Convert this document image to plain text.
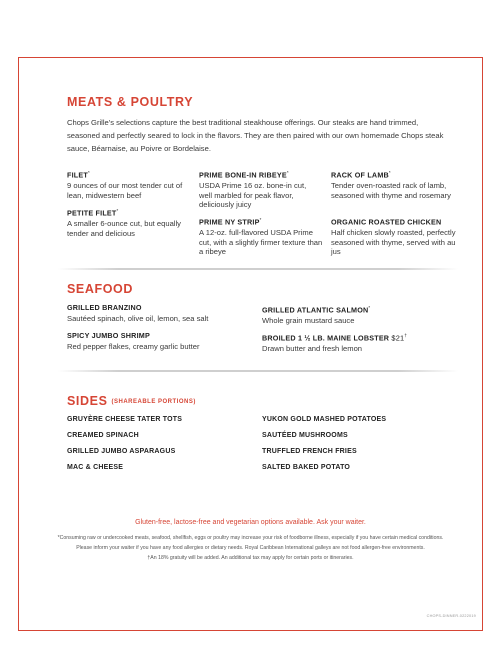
MEATS & POULTRY
Chops Grille's selections capture the best traditional steakhouse offerings. Our steaks are hand trimmed, seasoned and perfectly seared to lock in the flavors. They are then paired with our own homemade Chops steak sauce, Béarnaise, au Poivre or Bordelaise.
FILET*
9 ounces of our most tender cut of lean, midwestern beef
PETITE FILET*
A smaller 6-ounce cut, but equally tender and delicious
PRIME BONE-IN RIBEYE*
USDA Prime 16 oz. bone-in cut, well marbled for peak flavor, deliciously juicy
PRIME NY STRIP*
A 12-oz. full-flavored USDA Prime cut, with a slightly firmer texture than a ribeye
RACK OF LAMB*
Tender oven-roasted rack of lamb, seasoned with thyme and rosemary
ORGANIC ROASTED CHICKEN
Half chicken slowly roasted, perfectly seasoned with thyme, served with au jus
SEAFOOD
GRILLED BRANZINO
Sautéed spinach, olive oil, lemon, sea salt
SPICY JUMBO SHRIMP
Red pepper flakes, creamy garlic butter
GRILLED ATLANTIC SALMON*
Whole grain mustard sauce
BROILED 1 ½ LB. MAINE LOBSTER $21†
Drawn butter and fresh lemon
SIDES $^{(SHAREABLE PORTIONS)}$
GRUYÈRE CHEESE TATER TOTS
CREAMED SPINACH
GRILLED JUMBO ASPARAGUS
MAC & CHEESE
YUKON GOLD MASHED POTATOES
SAUTÉED MUSHROOMS
TRUFFLED FRENCH FRIES
SALTED BAKED POTATO
Gluten-free, lactose-free and vegetarian options available. Ask your waiter.
*Consuming raw or undercooked meats, seafood, shellfish, eggs or poultry may increase your risk of foodborne illness, especially if you have certain medical conditions.
Please inform your waiter if you have any food allergies or dietary needs. Royal Caribbean International galleys are not food allergen-free environments.
†An 18% gratuity will be added. An additional tax may apply for certain ports or itineraries.
CHOPS-DINNER-0222019
